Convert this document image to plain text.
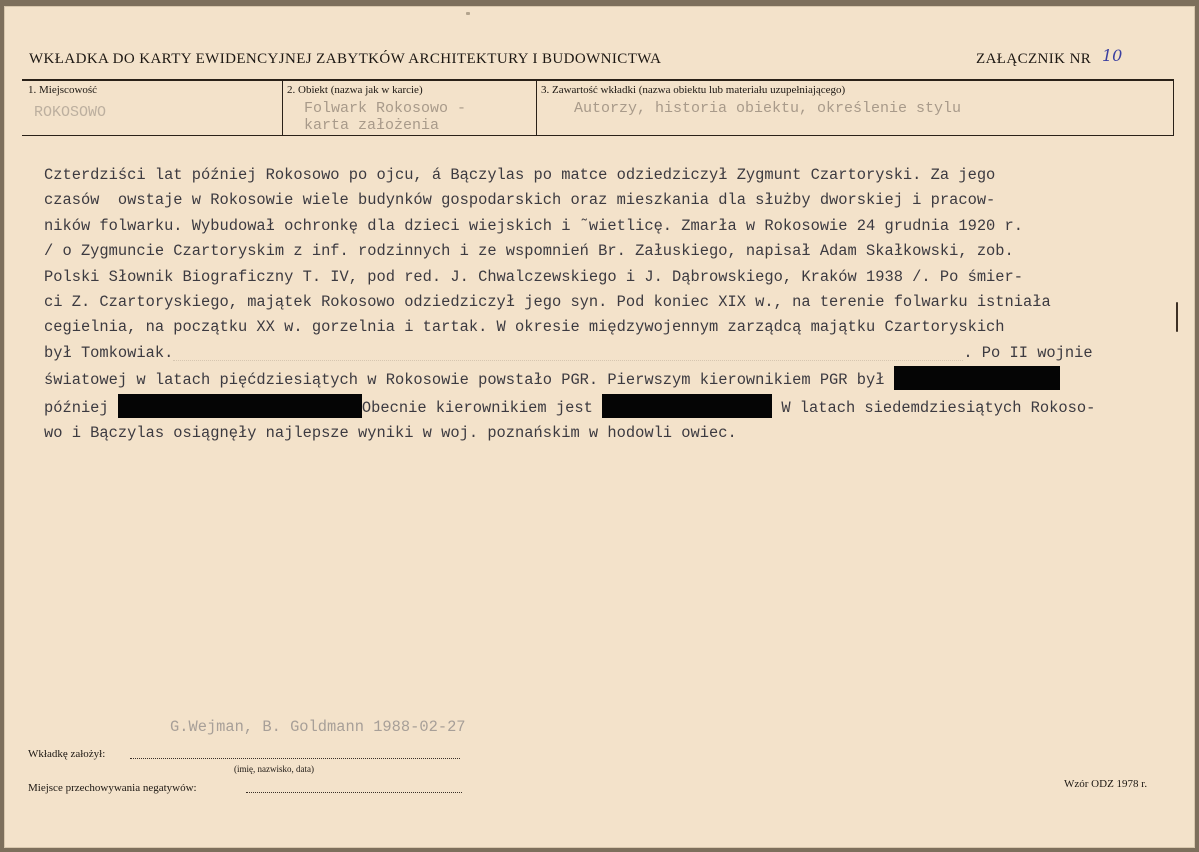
WKŁADKA DO KARTY EWIDENCYJNEJ ZABYTKÓW ARCHITEKTURY I BUDOWNICTWA	ZAŁĄCZNIK NR 10
1. Miejscowość
ROKOSOWO
2. Obiekt (nazwa jak w karcie)
Folwark Rokosowo -
karta założenia
3. Zawartość wkładki (nazwa obiektu lub materiału uzupełniającego)
Autorzy, historia obiektu, określenie stylu
Czterdziści lat później Rokosowo po ojcu, á Bączylas po matce odziedziczył Zygmunt Czartoryski. Za jego
czasów  owstaje w Rokosowie wiele budynków gospodarskich oraz mieszkania dla służby dworskiej i pracow-
ników folwarku. Wybudował ochronkę dla dzieci wiejskich i ˜wietlicę. Zmarła w Rokosowie 24 grudnia 1920 r.
/ o Zygmuncie Czartoryskim z inf. rodzinnych i ze wspomnień Br. Załuskiego, napisał Adam Skałkowski, zob.
Polski Słownik Biograficzny T. IV, pod red. J. Chwalczewskiego i J. Dąbrowskiego, Kraków 1938 /. Po śmier-
ci Z. Czartoryskiego, majątek Rokosowo odziedziczył jego syn. Pod koniec XIX w., na terenie folwarku istniała
cegielnia, na początku XX w. gorzelnia i tartak. W okresie międzywojennym zarządcą majątku Czartoryskich
był Tomkowiak.	. Po II wojnie
światowej w latach pięćdziesiątych w Rokosowie powstało PGR. Pierwszym kierownikiem PGR był
później	Obecnie kierownikiem jest	W latach siedemdziesiątych Rokoso-
wo i Bączylas osiągnęły najlepsze wyniki w woj. poznańskim w hodowli owiec.
G.Wejman, B. Goldmann 1988-02-27
Wkładkę założył:
(imię, nazwisko, data)
Miejsce przechowywania negatywów:	Wzór ODZ 1978 r.
